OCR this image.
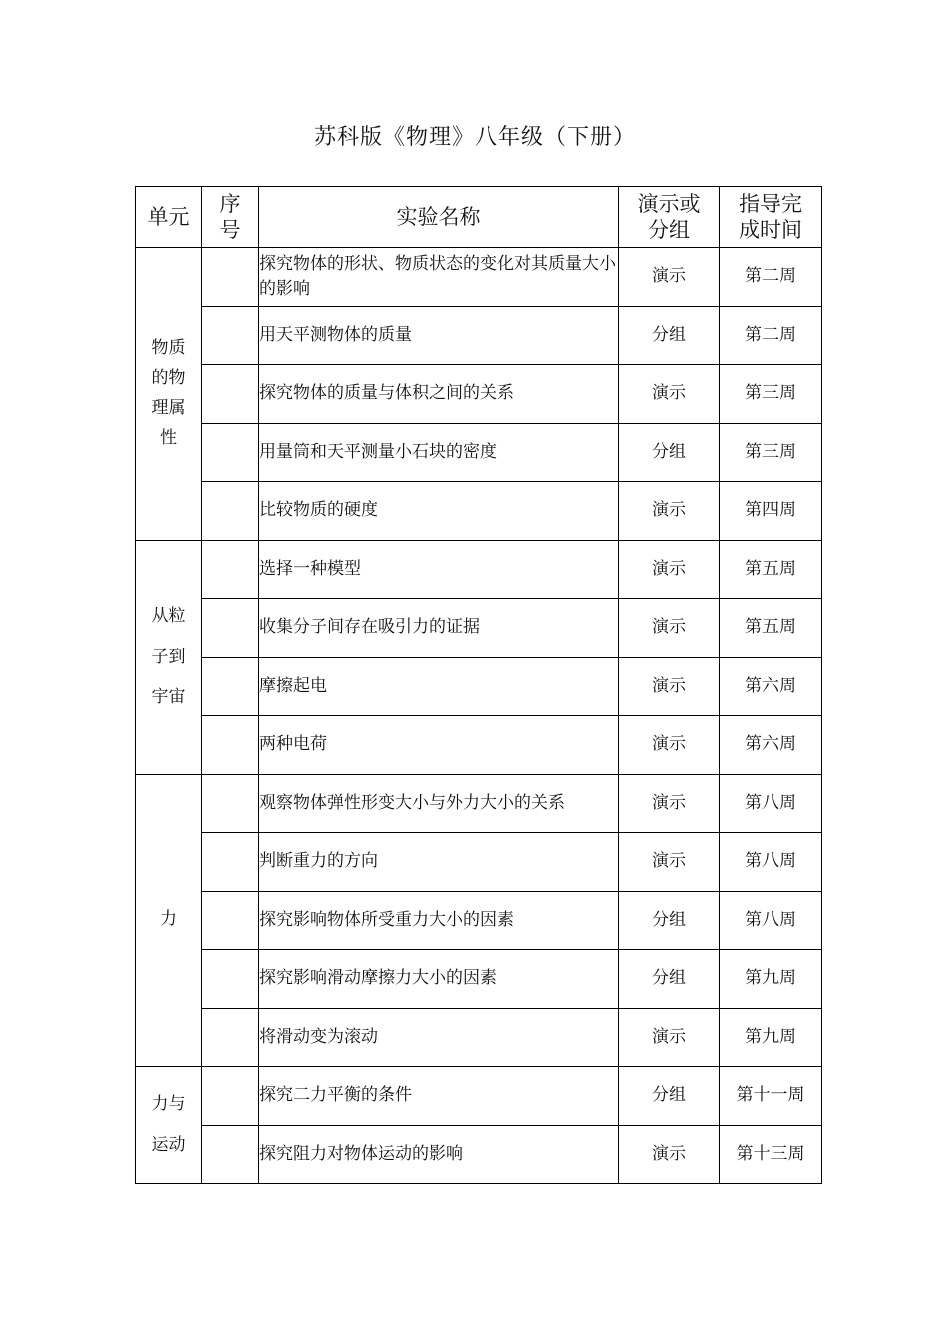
苏科版《物理》八年级（下册）
单元	序号	实验名称	演示或分组	指导完成时间
物质的物理属性		探究物体的形状、物质状态的变化对其质量大小的影响	演示	第二周
		用天平测物体的质量	分组	第二周
		探究物体的质量与体积之间的关系	演示	第三周
		用量筒和天平测量小石块的密度	分组	第三周
		比较物质的硬度	演示	第四周
从粒子到宇宙		选择一种模型	演示	第五周
		收集分子间存在吸引力的证据	演示	第五周
		摩擦起电	演示	第六周
		两种电荷	演示	第六周
力		观察物体弹性形变大小与外力大小的关系	演示	第八周
		判断重力的方向	演示	第八周
		探究影响物体所受重力大小的因素	分组	第八周
		探究影响滑动摩擦力大小的因素	分组	第九周
		将滑动变为滚动	演示	第九周
力与运动		探究二力平衡的条件	分组	第十一周
		探究阻力对物体运动的影响	演示	第十三周
